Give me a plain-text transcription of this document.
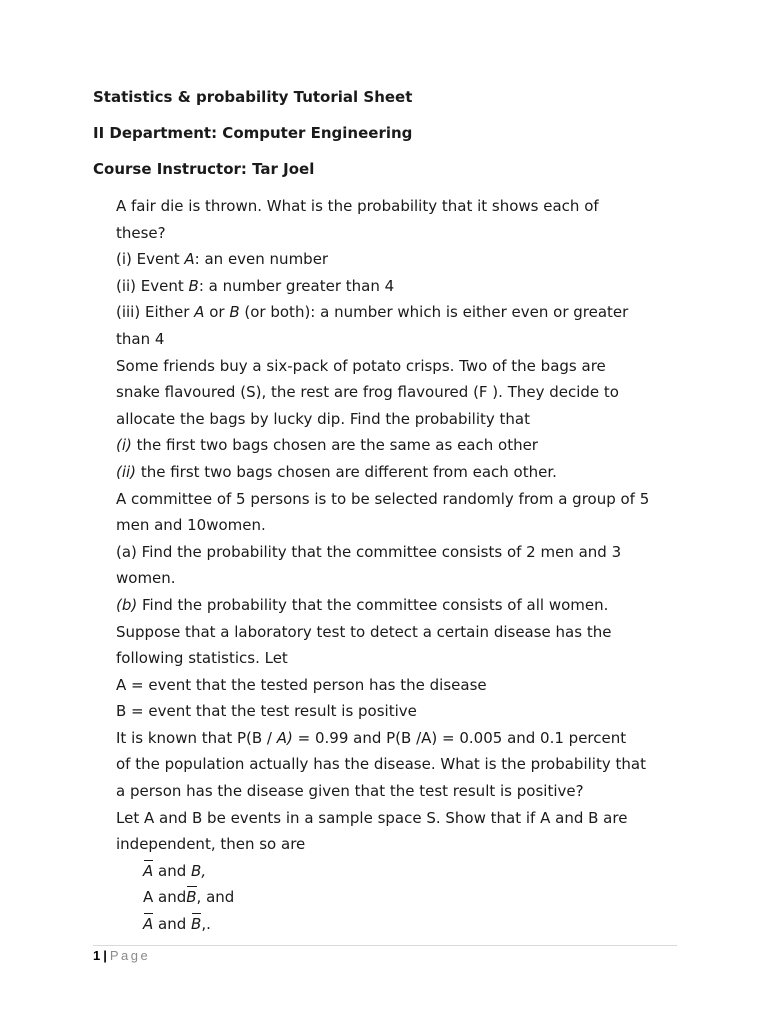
Statistics & probability Tutorial Sheet
II Department: Computer Engineering
Course Instructor: Tar Joel

A fair die is thrown. What is the probability that it shows each of

these?

(i) Event A: an even number

(ii) Event B: a number greater than 4

(iii) Either A or B (or both): a number which is either even or greater

than 4

Some friends buy a six-pack of potato crisps. Two of the bags are

snake flavoured (S), the rest are frog flavoured (F ). They decide to

allocate the bags by lucky dip. Find the probability that

(i) the first two bags chosen are the same as each other

(ii) the first two bags chosen are different from each other.

A committee of 5 persons is to be selected randomly from a group of 5

men and 10women.

(a) Find the probability that the committee consists of 2 men and 3

women.

(b) Find the probability that the committee consists of all women.

Suppose that a laboratory test to detect a certain disease has the

following statistics. Let

A = event that the tested person has the disease

B = event that the test result is positive

It is known that P(B / A) = 0.99 and P(B /A) = 0.005 and 0.1 percent

of the population actually has the disease. What is the probability that

a person has the disease given that the test result is positive?

Let A and B be events in a sample space S. Show that if A and B are

independent, then so are

A and B,

A andB, and

A and B,.

1 | Page
